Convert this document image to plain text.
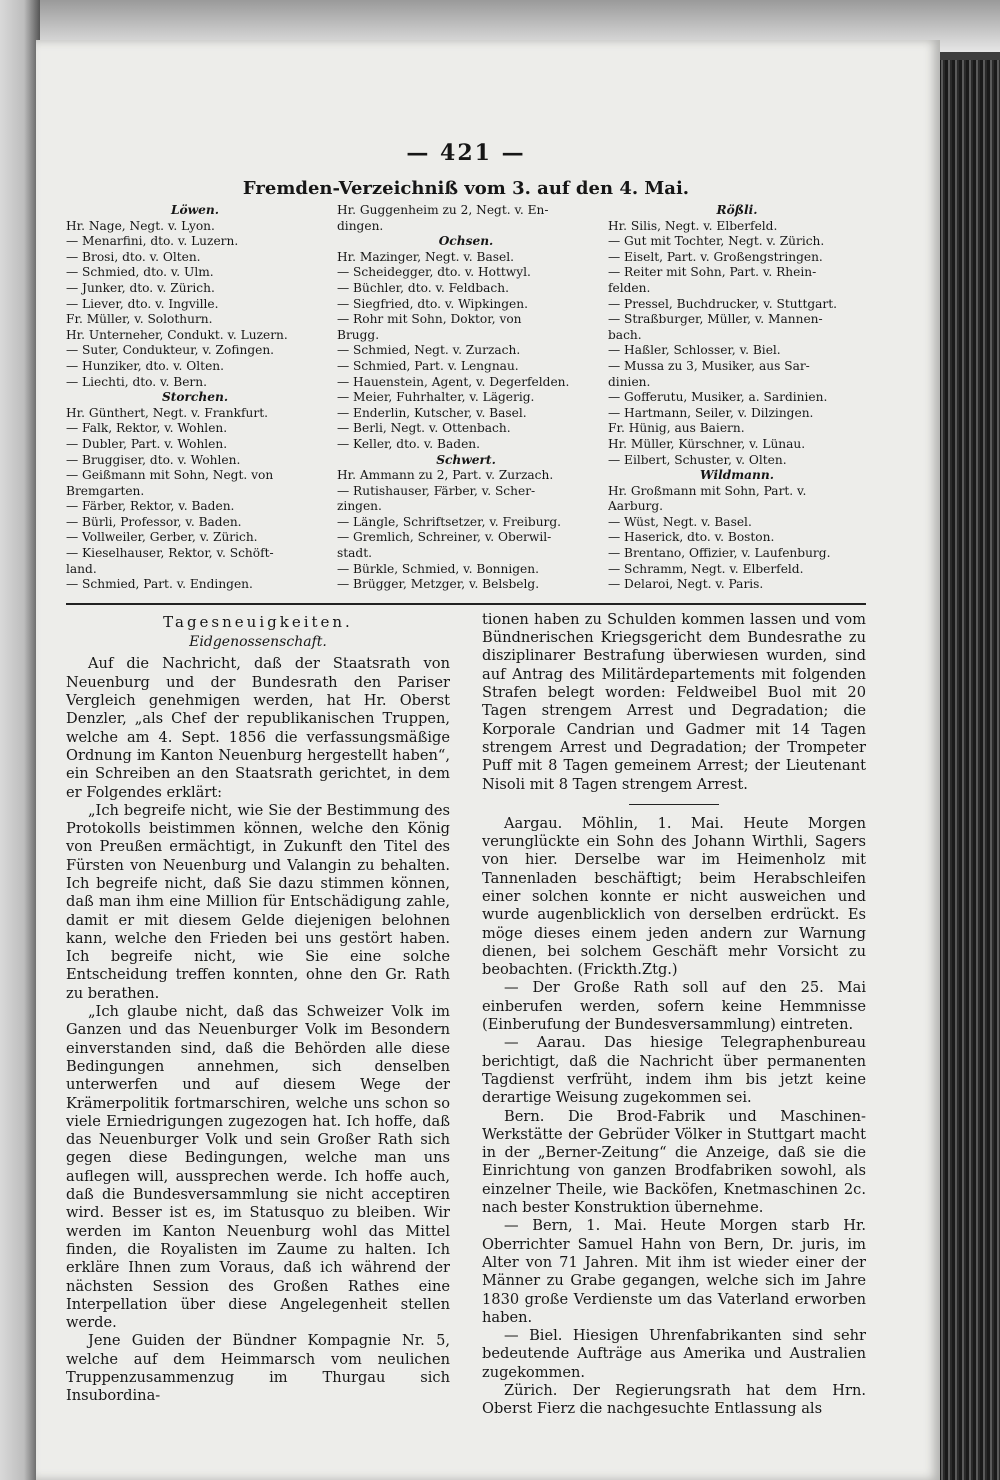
— 421 —
Fremden-Verzeichniß vom 3. auf den 4. Mai.
Löwen.
Hr. Nage, Negt. v. Lyon.
— Menarfini, dto. v. Luzern.
— Brosi, dto. v. Olten.
— Schmied, dto. v. Ulm.
— Junker, dto. v. Zürich.
— Liever, dto. v. Ingville.
Fr. Müller, v. Solothurn.
Hr. Unterneher, Condukt. v. Luzern.
— Suter, Condukteur, v. Zofingen.
— Hunziker, dto. v. Olten.
— Liechti, dto. v. Bern.
Storchen.
Hr. Günthert, Negt. v. Frankfurt.
— Falk, Rektor, v. Wohlen.
— Dubler, Part. v. Wohlen.
— Bruggiser, dto. v. Wohlen.
— Geißmann mit Sohn, Negt. von
Bremgarten.
— Färber, Rektor, v. Baden.
— Bürli, Professor, v. Baden.
— Vollweiler, Gerber, v. Zürich.
— Kieselhauser, Rektor, v. Schöft-
land.
— Schmied, Part. v. Endingen.
Hr. Guggenheim zu 2, Negt. v. En-
dingen.
Ochsen.
Hr. Mazinger, Negt. v. Basel.
— Scheidegger, dto. v. Hottwyl.
— Büchler, dto. v. Feldbach.
— Siegfried, dto. v. Wipkingen.
— Rohr mit Sohn, Doktor, von
Brugg.
— Schmied, Negt. v. Zurzach.
— Schmied, Part. v. Lengnau.
— Hauenstein, Agent, v. Degerfelden.
— Meier, Fuhrhalter, v. Lägerig.
— Enderlin, Kutscher, v. Basel.
— Berli, Negt. v. Ottenbach.
— Keller, dto. v. Baden.
Schwert.
Hr. Ammann zu 2, Part. v. Zurzach.
— Rutishauser, Färber, v. Scher-
zingen.
— Längle, Schriftsetzer, v. Freiburg.
— Gremlich, Schreiner, v. Oberwil-
stadt.
— Bürkle, Schmied, v. Bonnigen.
— Brügger, Metzger, v. Belsbelg.
Rößli.
Hr. Silis, Negt. v. Elberfeld.
— Gut mit Tochter, Negt. v. Zürich.
— Eiselt, Part. v. Großengstringen.
— Reiter mit Sohn, Part. v. Rhein-
felden.
— Pressel, Buchdrucker, v. Stuttgart.
— Straßburger, Müller, v. Mannen-
bach.
— Haßler, Schlosser, v. Biel.
— Mussa zu 3, Musiker, aus Sar-
dinien.
— Gofferutu, Musiker, a. Sardinien.
— Hartmann, Seiler, v. Dilzingen.
Fr. Hünig, aus Baiern.
Hr. Müller, Kürschner, v. Lünau.
— Eilbert, Schuster, v. Olten.
Wildmann.
Hr. Großmann mit Sohn, Part. v.
Aarburg.
— Wüst, Negt. v. Basel.
— Haserick, dto. v. Boston.
— Brentano, Offizier, v. Laufenburg.
— Schramm, Negt. v. Elberfeld.
— Delaroi, Negt. v. Paris.
Tagesneuigkeiten.
Eidgenossenschaft.

Auf die Nachricht, daß der Staatsrath von Neuenburg und der Bundesrath den Pariser Vergleich genehmigen werden, hat Hr. Oberst Denzler, „als Chef der republikanischen Truppen, welche am 4. Sept. 1856 die verfassungsmäßige Ordnung im Kanton Neuenburg hergestellt haben“, ein Schreiben an den Staatsrath gerichtet, in dem er Folgendes erklärt:

„Ich begreife nicht, wie Sie der Bestimmung des Protokolls beistimmen können, welche den König von Preußen ermächtigt, in Zukunft den Titel des Fürsten von Neuenburg und Valangin zu behalten. Ich begreife nicht, daß Sie dazu stimmen können, daß man ihm eine Million für Entschädigung zahle, damit er mit diesem Gelde diejenigen belohnen kann, welche den Frieden bei uns gestört haben. Ich begreife nicht, wie Sie eine solche Entscheidung treffen konnten, ohne den Gr. Rath zu berathen.

„Ich glaube nicht, daß das Schweizer Volk im Ganzen und das Neuenburger Volk im Besondern einverstanden sind, daß die Behörden alle diese Bedingungen annehmen, sich denselben unterwerfen und auf diesem Wege der Krämerpolitik fortmarschiren, welche uns schon so viele Erniedrigungen zugezogen hat. Ich hoffe, daß das Neuenburger Volk und sein Großer Rath sich gegen diese Bedingungen, welche man uns auflegen will, aussprechen werde. Ich hoffe auch, daß die Bundesversammlung sie nicht acceptiren wird. Besser ist es, im Statusquo zu bleiben. Wir werden im Kanton Neuenburg wohl das Mittel finden, die Royalisten im Zaume zu halten. Ich erkläre Ihnen zum Voraus, daß ich während der nächsten Session des Großen Rathes eine Interpellation über diese Angelegenheit stellen werde.

Jene Guiden der Bündner Kompagnie Nr. 5, welche auf dem Heimmarsch vom neulichen Truppenzusammenzug im Thurgau sich Insubordina-

tionen haben zu Schulden kommen lassen und vom Bündnerischen Kriegsgericht dem Bundesrathe zu disziplinarer Bestrafung überwiesen wurden, sind auf Antrag des Militärdepartements mit folgenden Strafen belegt worden: Feldweibel Buol mit 20 Tagen strengem Arrest und Degradation; die Korporale Candrian und Gadmer mit 14 Tagen strengem Arrest und Degradation; der Trompeter Puff mit 8 Tagen gemeinem Arrest; der Lieutenant Nisoli mit 8 Tagen strengem Arrest.

Aargau. Möhlin, 1. Mai. Heute Morgen verunglückte ein Sohn des Johann Wirthli, Sagers von hier. Derselbe war im Heimenholz mit Tannenladen beschäftigt; beim Herabschleifen einer solchen konnte er nicht ausweichen und wurde augenblicklich von derselben erdrückt. Es möge dieses einem jeden andern zur Warnung dienen, bei solchem Geschäft mehr Vorsicht zu beobachten. (Frickth.Ztg.)

— Der Große Rath soll auf den 25. Mai einberufen werden, sofern keine Hemmnisse (Einberufung der Bundesversammlung) eintreten.

— Aarau. Das hiesige Telegraphenbureau berichtigt, daß die Nachricht über permanenten Tagdienst verfrüht, indem ihm bis jetzt keine derartige Weisung zugekommen sei.

Bern. Die Brod-Fabrik und Maschinen-Werkstätte der Gebrüder Völker in Stuttgart macht in der „Berner-Zeitung“ die Anzeige, daß sie die Einrichtung von ganzen Brodfabriken sowohl, als einzelner Theile, wie Backöfen, Knetmaschinen 2c. nach bester Konstruktion übernehme.

— Bern, 1. Mai. Heute Morgen starb Hr. Oberrichter Samuel Hahn von Bern, Dr. juris, im Alter von 71 Jahren. Mit ihm ist wieder einer der Männer zu Grabe gegangen, welche sich im Jahre 1830 große Verdienste um das Vaterland erworben haben.

— Biel. Hiesigen Uhrenfabrikanten sind sehr bedeutende Aufträge aus Amerika und Australien zugekommen.

Zürich. Der Regierungsrath hat dem Hrn. Oberst Fierz die nachgesuchte Entlassung als
